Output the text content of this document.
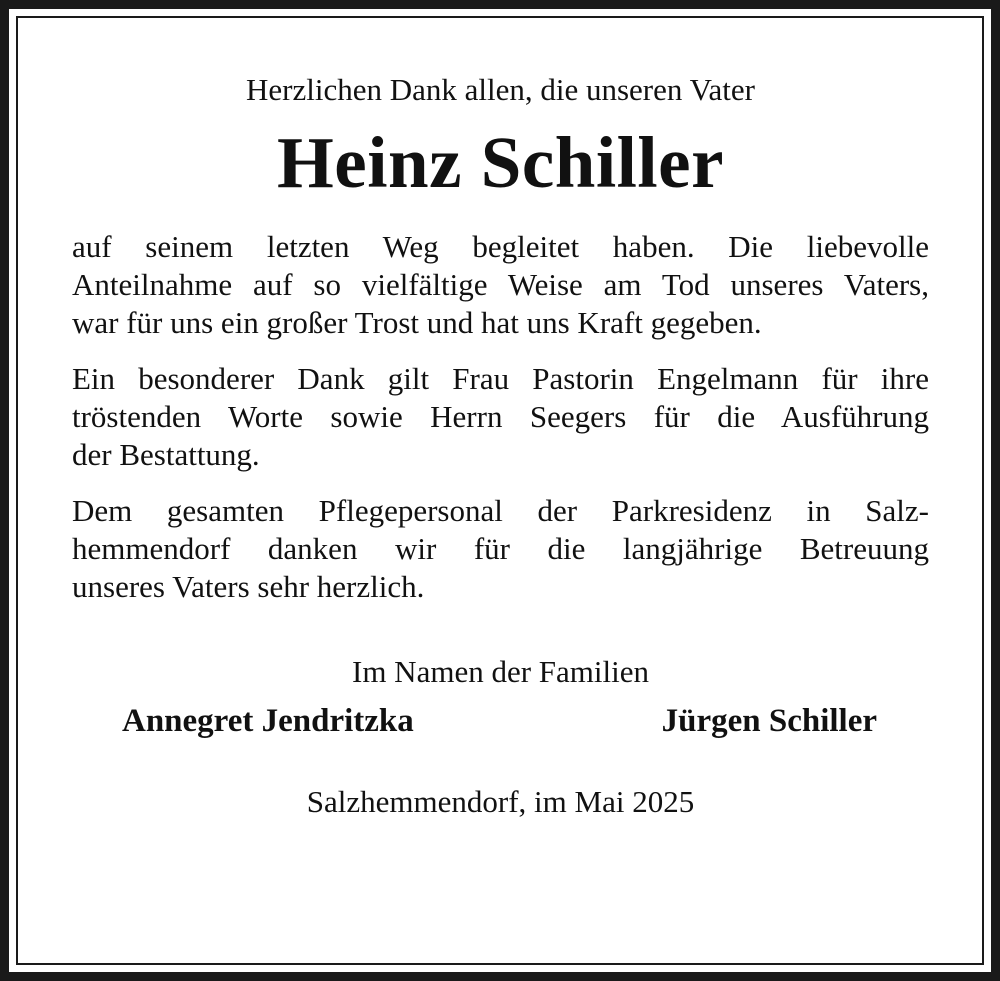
Herzlichen Dank allen, die unseren Vater

Heinz Schiller
auf seinem letzten Weg begleitet haben. Die liebevolle
Anteilnahme auf so vielfältige Weise am Tod unseres Vaters,
war für uns ein großer Trost und hat uns Kraft gegeben.
Ein besonderer Dank gilt Frau Pastorin Engelmann für ihre
tröstenden Worte sowie Herrn Seegers für die Ausführung
der Bestattung.
Dem gesamten Pflegepersonal der Parkresidenz in Salz-
hemmendorf danken wir für die langjährige Betreuung
unseres Vaters sehr herzlich.

Im Namen der Familien

Annegret Jendritzka	Jürgen Schiller

Salzhemmendorf, im Mai 2025
